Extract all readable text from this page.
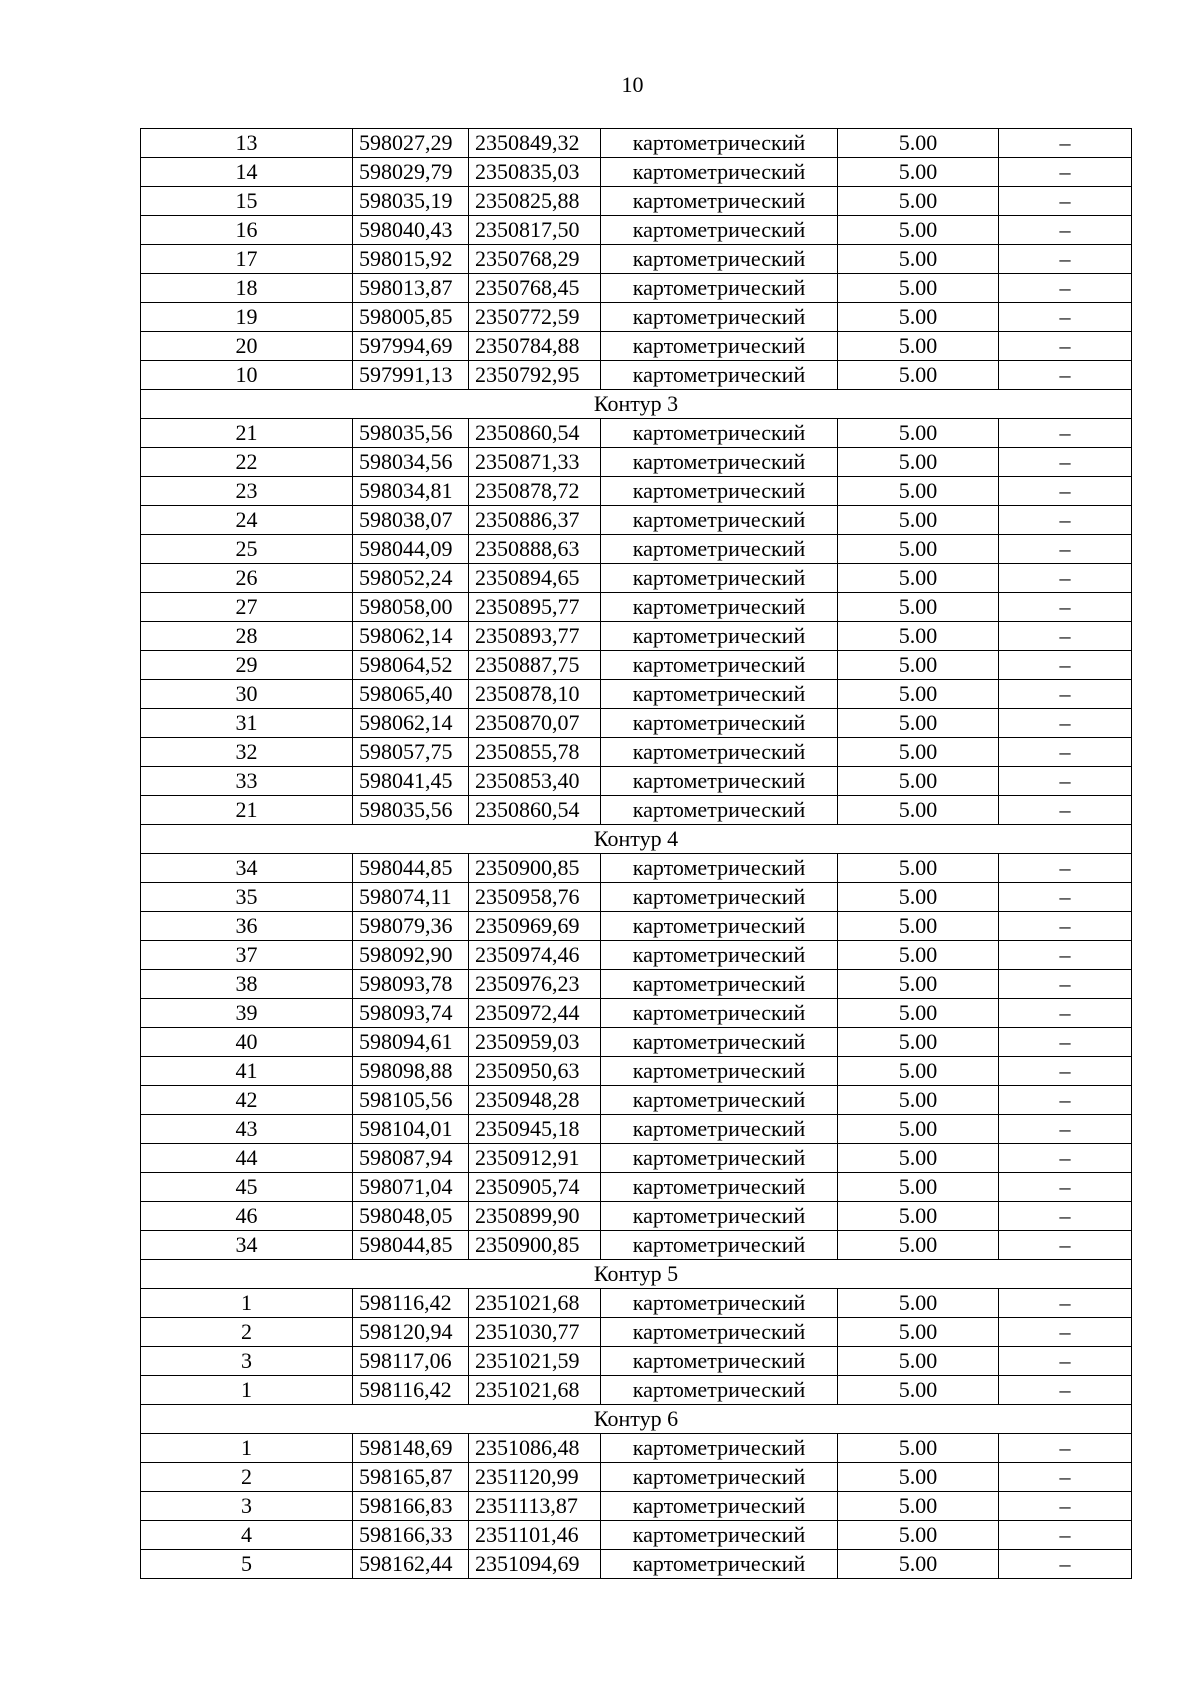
10
13	598027,29	2350849,32	картометрический	5.00	–
14	598029,79	2350835,03	картометрический	5.00	–
15	598035,19	2350825,88	картометрический	5.00	–
16	598040,43	2350817,50	картометрический	5.00	–
17	598015,92	2350768,29	картометрический	5.00	–
18	598013,87	2350768,45	картометрический	5.00	–
19	598005,85	2350772,59	картометрический	5.00	–
20	597994,69	2350784,88	картометрический	5.00	–
10	597991,13	2350792,95	картометрический	5.00	–
Контур 3					
21	598035,56	2350860,54	картометрический	5.00	–
22	598034,56	2350871,33	картометрический	5.00	–
23	598034,81	2350878,72	картометрический	5.00	–
24	598038,07	2350886,37	картометрический	5.00	–
25	598044,09	2350888,63	картометрический	5.00	–
26	598052,24	2350894,65	картометрический	5.00	–
27	598058,00	2350895,77	картометрический	5.00	–
28	598062,14	2350893,77	картометрический	5.00	–
29	598064,52	2350887,75	картометрический	5.00	–
30	598065,40	2350878,10	картометрический	5.00	–
31	598062,14	2350870,07	картометрический	5.00	–
32	598057,75	2350855,78	картометрический	5.00	–
33	598041,45	2350853,40	картометрический	5.00	–
21	598035,56	2350860,54	картометрический	5.00	–
Контур 4					
34	598044,85	2350900,85	картометрический	5.00	–
35	598074,11	2350958,76	картометрический	5.00	–
36	598079,36	2350969,69	картометрический	5.00	–
37	598092,90	2350974,46	картометрический	5.00	–
38	598093,78	2350976,23	картометрический	5.00	–
39	598093,74	2350972,44	картометрический	5.00	–
40	598094,61	2350959,03	картометрический	5.00	–
41	598098,88	2350950,63	картометрический	5.00	–
42	598105,56	2350948,28	картометрический	5.00	–
43	598104,01	2350945,18	картометрический	5.00	–
44	598087,94	2350912,91	картометрический	5.00	–
45	598071,04	2350905,74	картометрический	5.00	–
46	598048,05	2350899,90	картометрический	5.00	–
34	598044,85	2350900,85	картометрический	5.00	–
Контур 5					
1	598116,42	2351021,68	картометрический	5.00	–
2	598120,94	2351030,77	картометрический	5.00	–
3	598117,06	2351021,59	картометрический	5.00	–
1	598116,42	2351021,68	картометрический	5.00	–
Контур 6					
1	598148,69	2351086,48	картометрический	5.00	–
2	598165,87	2351120,99	картометрический	5.00	–
3	598166,83	2351113,87	картометрический	5.00	–
4	598166,33	2351101,46	картометрический	5.00	–
5	598162,44	2351094,69	картометрический	5.00	–
